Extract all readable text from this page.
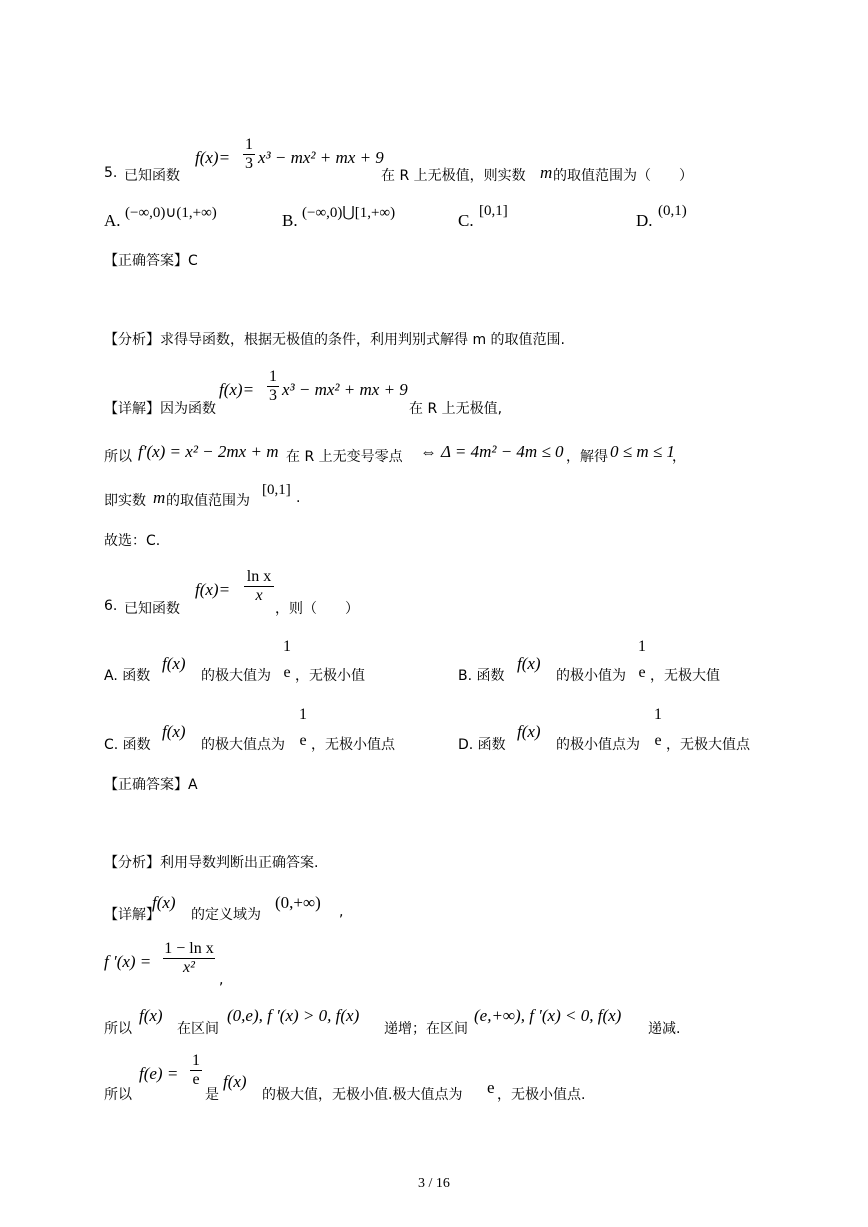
5. 已知函数
f(x)=
1
3 x³ − mx² + mx + 9
在 R 上无极值，则实数 m 的取值范围为（　　）
A. (−∞,0)∪(1,+∞)	B. (−∞,0)⋃[1,+∞)	C. [0,1]	D. (0,1)
【正确答案】C
【分析】求得导函数，根据无极值的条件，利用判别式解得 m 的取值范围.
【详解】因为函数
f(x)=
1
3 x³ − mx² + mx + 9
在 R 上无极值,
所以 f′(x) = x² − 2mx + m 在 R 上无变号零点 ⇔ Δ = 4m² − 4m ≤ 0 ，解得 0 ≤ m ≤ 1
，
即实数 m 的取值范围为
[0,1] .
故选：C.
6. 已知函数
f(x)=
ln x
x
，则（　　）
A. 函数
f(x)
的极大值为
1
e ，无极小值	B. 函数
f(x)
的极小值为
1
e ，无极大值
C. 函数
f(x)
的极大值点为
1
e ，无极小值点	D. 函数
f(x)
的极小值点为
1
e ，无极大值点
【正确答案】A
【分析】利用导数判断出正确答案.
【详解】
f(x)
的定义域为
(0,+∞) ,
f ′(x) =
1 − ln x
x²
,
所以
f(x)
在区间
(0,e), f ′(x) > 0, f(x)
递增；在区间
(e,+∞), f ′(x) < 0, f(x)
递减.
所以
f(e) =
1
e
是
f(x)
的极大值，无极小值.极大值点为 e ，无极小值点.
3 / 16
